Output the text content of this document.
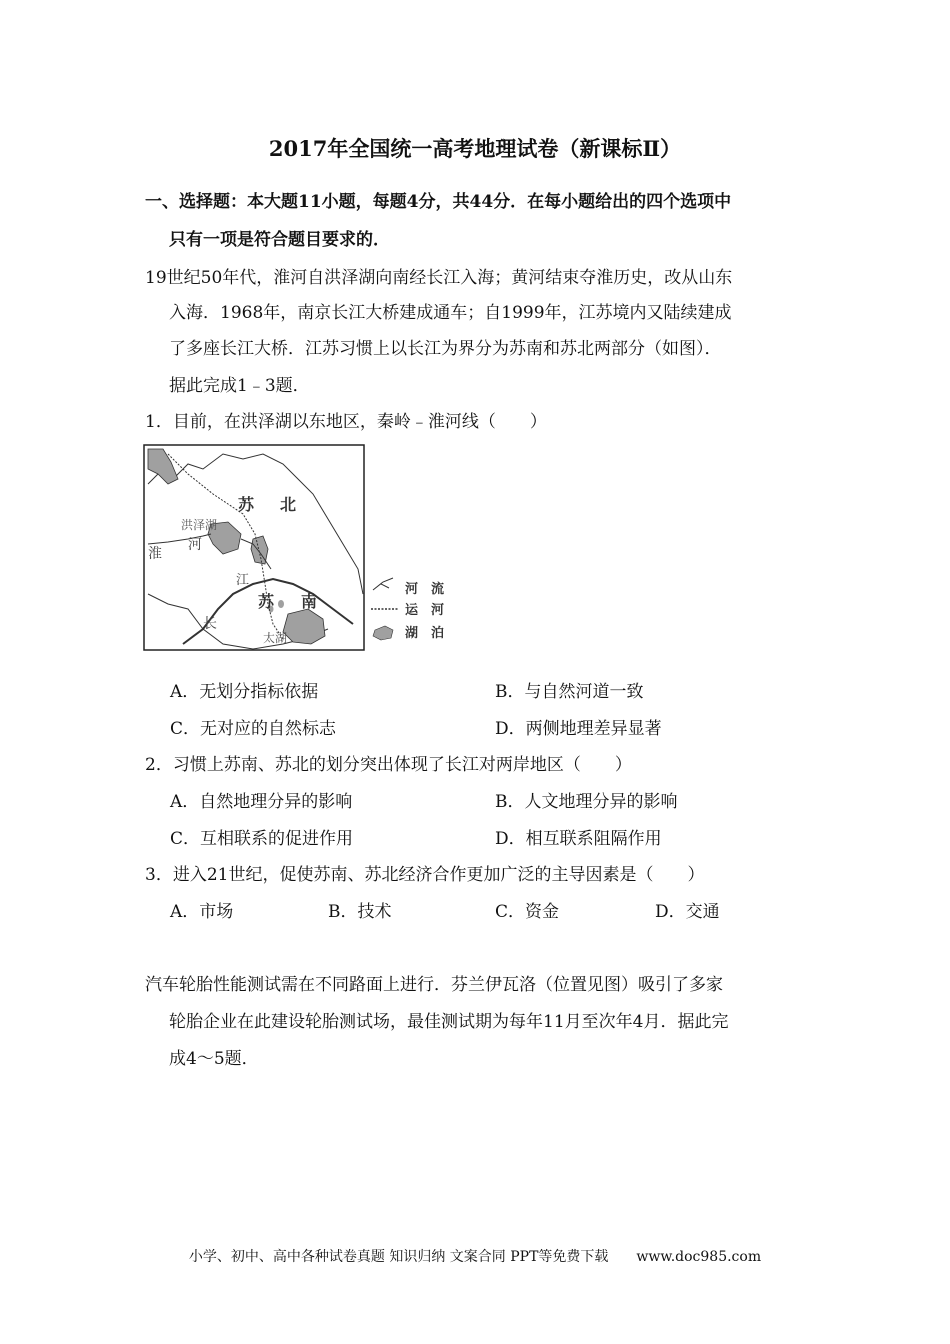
2017年全国统一高考地理试卷（新课标Ⅱ）
一、选择题：本大题11小题，每题4分，共44分．在每小题给出的四个选项中
只有一项是符合题目要求的．
19世纪50年代，淮河自洪泽湖向南经长江入海；黄河结束夺淮历史，改从山东
入海．1968年，南京长江大桥建成通车；自1999年，江苏境内又陆续建成
了多座长江大桥．江苏习惯上以长江为界分为苏南和苏北两部分（如图）．
据此完成1﹣3题．
1．目前，在洪泽湖以东地区，秦岭﹣淮河线（　　）
苏 北
苏 南
洪泽湖
河
淮
江
长
太湖
河　流
运　河
湖　泊
A．无划分指标依据	B．与自然河道一致
C．无对应的自然标志	D．两侧地理差异显著
2．习惯上苏南、苏北的划分突出体现了长江对两岸地区（　　）
A．自然地理分异的影响	B．人文地理分异的影响
C．互相联系的促进作用	D．相互联系阻隔作用
3．进入21世纪，促使苏南、苏北经济合作更加广泛的主导因素是（　　）
A．市场	B．技术	C．资金	D．交通
汽车轮胎性能测试需在不同路面上进行．芬兰伊瓦洛（位置见图）吸引了多家
轮胎企业在此建设轮胎测试场，最佳测试期为每年11月至次年4月．据此完
成4～5题．
小学、初中、高中各种试卷真题 知识归纳 文案合同 PPT等免费下载　　www.doc985.com
